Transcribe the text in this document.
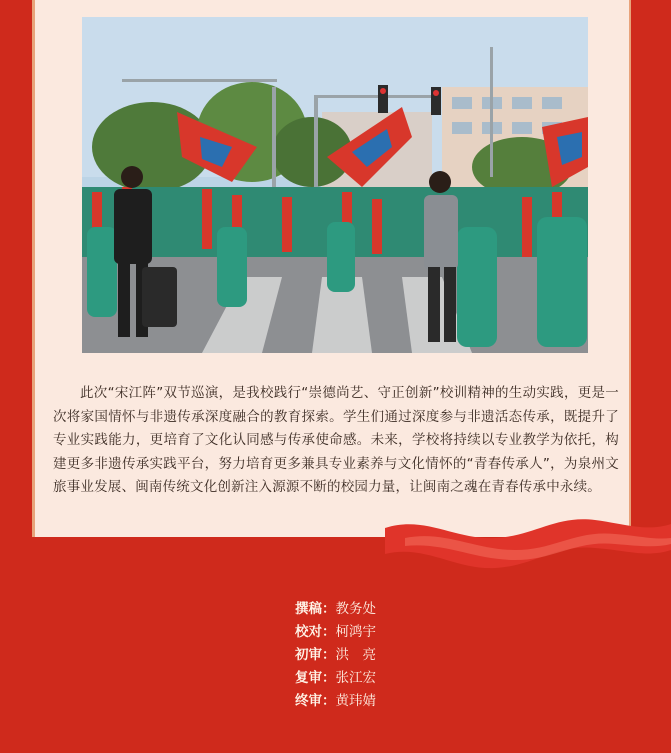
此次“宋江阵”双节巡演，是我校践行“崇德尚艺、守正创新”校训精神的生动实践，更是一次将家国情怀与非遗传承深度融合的教育探索。学生们通过深度参与非遗活态传承，既提升了专业实践能力，更培育了文化认同感与传承使命感。未来，学校将持续以专业教学为依托，构建更多非遗传承实践平台，努力培育更多兼具专业素养与文化情怀的“青春传承人”，为泉州文旅事业发展、闽南传统文化创新注入源源不断的校园力量，让闽南之魂在青春传承中永续。

撰稿：教务处
校对：柯鸿宇
初审：洪　亮
复审：张江宏
终审：黄玮婧
